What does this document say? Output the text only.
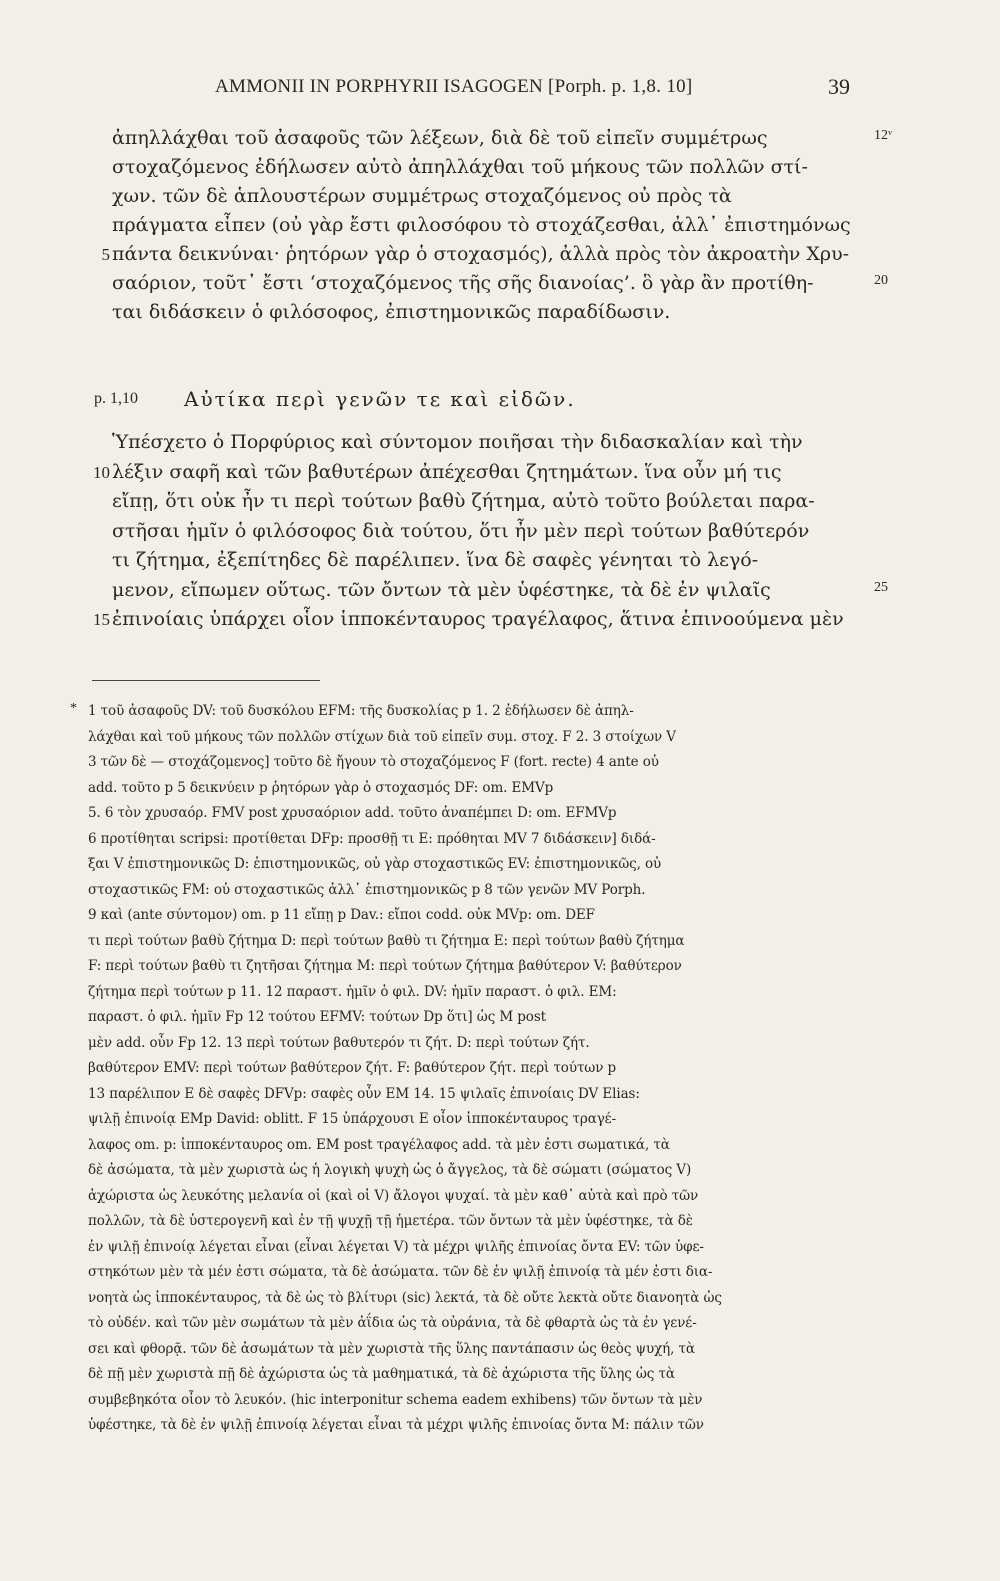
AMMONII IN PORPHYRII ISAGOGEN [Porph. p. 1,8. 10]	39
ἀπηλλάχθαι τοῦ ἀσαφοῦς τῶν λέξεων, διὰ δὲ τοῦ εἰπεῖν συμμέτρως	12ᵛ
στοχαζόμενος ἐδήλωσεν αὐτὸ ἀπηλλάχθαι τοῦ μήκους τῶν πολλῶν στί-
χων. τῶν δὲ ἁπλουστέρων συμμέτρως στοχαζόμενος οὐ πρὸς τὰ
πράγματα εἶπεν (οὐ γὰρ ἔστι φιλοσόφου τὸ στοχάζεσθαι, ἀλλ᾽ ἐπιστημόνως
πάντα δεικνύναι· ῥητόρων γὰρ ὁ στοχασμός), ἀλλὰ πρὸς τὸν ἀκροατὴν Χρυ-
5
σαόριον, τοῦτ᾽ ἔστι ‘στοχαζόμενος τῆς σῆς διανοίας’. ὃ γὰρ ἂν προτίθη-	20
ται διδάσκειν ὁ φιλόσοφος, ἐπιστημονικῶς παραδίδωσιν.
p. 1,10 Αὐτίκα περὶ γενῶν τε καὶ εἰδῶν.
Ὑπέσχετο ὁ Πορφύριος καὶ σύντομον ποιῆσαι τὴν διδασκαλίαν καὶ τὴν
λέξιν σαφῆ καὶ τῶν βαθυτέρων ἀπέχεσθαι ζητημάτων. ἵνα οὖν μή τις
10
εἴπῃ, ὅτι οὐκ ἦν τι περὶ τούτων βαθὺ ζήτημα, αὐτὸ τοῦτο βούλεται παρα-
στῆσαι ἡμῖν ὁ φιλόσοφος διὰ τούτου, ὅτι ἦν μὲν περὶ τούτων βαθύτερόν
τι ζήτημα, ἐξεπίτηδες δὲ παρέλιπεν. ἵνα δὲ σαφὲς γένηται τὸ λεγό-
μενον, εἴπωμεν οὕτως. τῶν ὄντων τὰ μὲν ὑφέστηκε, τὰ δὲ ἐν ψιλαῖς	25
ἐπινοίαις ὑπάρχει οἷον ἱπποκένταυρος τραγέλαφος, ἅτινα ἐπινοούμενα μὲν
15
* 1 τοῦ ἀσαφοῦς DV: τοῦ δυσκόλου EFM: τῆς δυσκολίας p 1. 2 ἐδήλωσεν δὲ ἀπηλ-
λάχθαι καὶ τοῦ μήκους τῶν πολλῶν στίχων διὰ τοῦ εἰπεῖν συμ. στοχ. F 2. 3 στοίχων V
3 τῶν δὲ — στοχάζομενος] τοῦτο δὲ ἤγουν τὸ στοχαζόμενος F (fort. recte) 4 ante οὐ
add. τοῦτο p 5 δεικνύειν p ῥητόρων γὰρ ὁ στοχασμός DF: om. EMVp
5. 6 τὸν χρυσαόρ. FMV post χρυσαόριον add. τοῦτο ἀναπέμπει D: om. EFMVp
6 προτίθηται scripsi: προτίθεται DFp: προσθῇ τι E: πρόθηται MV 7 διδάσκειν] διδά-
ξαι V ἐπιστημονικῶς D: ἐπιστημονικῶς, οὐ γὰρ στοχαστικῶς EV: ἐπιστημονικῶς, οὐ
στοχαστικῶς FM: οὐ στοχαστικῶς ἀλλ᾽ ἐπιστημονικῶς p 8 τῶν γενῶν MV Porph.
9 καὶ (ante σύντομον) om. p 11 εἴπῃ p Dav.: εἴποι codd. οὐκ MVp: om. DEF
τι περὶ τούτων βαθὺ ζήτημα D: περὶ τούτων βαθὺ τι ζήτημα E: περὶ τούτων βαθὺ ζήτημα
F: περὶ τούτων βαθὺ τι ζητῆσαι ζήτημα M: περὶ τούτων ζήτημα βαθύτερον V: βαθύτερον
ζήτημα περὶ τούτων p 11. 12 παραστ. ἡμῖν ὁ φιλ. DV: ἡμῖν παραστ. ὁ φιλ. EM:
παραστ. ὁ φιλ. ἡμῖν Fp 12 τούτου EFMV: τούτων Dp ὅτι] ὡς M post
μὲν add. οὖν Fp 12. 13 περὶ τούτων βαθυτερόν τι ζήτ. D: περὶ τούτων ζήτ.
βαθύτερον EMV: περὶ τούτων βαθύτερον ζήτ. F: βαθύτερον ζήτ. περὶ τούτων p
13 παρέλιπον E δὲ σαφὲς DFVp: σαφὲς οὖν EM 14. 15 ψιλαῖς ἐπινοίαις DV Elias:
ψιλῇ ἐπινοίᾳ EMp David: oblitt. F 15 ὑπάρχουσι E οἷον ἱπποκένταυρος τραγέ-
λαφος om. p: ἱπποκένταυρος om. EM post τραγέλαφος add. τὰ μὲν ἐστι σωματικά, τὰ
δὲ ἀσώματα, τὰ μὲν χωριστὰ ὡς ἡ λογικὴ ψυχὴ ὡς ὁ ἄγγελος, τὰ δὲ σώματι (σώματος V)
ἀχώριστα ὡς λευκότης μελανία οἱ (καὶ οἱ V) ἄλογοι ψυχαί. τὰ μὲν καθ᾽ αὐτὰ καὶ πρὸ τῶν
πολλῶν, τὰ δὲ ὑστερογενῆ καὶ ἐν τῇ ψυχῇ τῇ ἡμετέρα. τῶν ὄντων τὰ μὲν ὑφέστηκε, τὰ δὲ
ἐν ψιλῇ ἐπινοίᾳ λέγεται εἶναι (εἶναι λέγεται V) τὰ μέχρι ψιλῆς ἐπινοίας ὄντα EV: τῶν ὑφε-
στηκότων μὲν τὰ μέν ἐστι σώματα, τὰ δὲ ἀσώματα. τῶν δὲ ἐν ψιλῇ ἐπινοίᾳ τὰ μέν ἐστι δια-
νοητὰ ὡς ἱπποκένταυρος, τὰ δὲ ὡς τὸ βλίτυρι (sic) λεκτά, τὰ δὲ οὔτε λεκτὰ οὔτε διανοητὰ ὡς
τὸ οὐδέν. καὶ τῶν μὲν σωμάτων τὰ μὲν ἀΐδια ὡς τὰ οὐράνια, τὰ δὲ φθαρτὰ ὡς τὰ ἐν γενέ-
σει καὶ φθορᾷ. τῶν δὲ ἀσωμάτων τὰ μὲν χωριστὰ τῆς ὕλης παντάπασιν ὡς θεὸς ψυχή, τὰ
δὲ πῇ μὲν χωριστὰ πῇ δὲ ἀχώριστα ὡς τὰ μαθηματικά, τὰ δὲ ἀχώριστα τῆς ὕλης ὡς τὰ
συμβεβηκότα οἷον τὸ λευκόν. (hic interponitur schema eadem exhibens) τῶν ὄντων τὰ μὲν
ὑφέστηκε, τὰ δὲ ἐν ψιλῇ ἐπινοίᾳ λέγεται εἶναι τὰ μέχρι ψιλῆς ἐπινοίας ὄντα M: πάλιν τῶν
